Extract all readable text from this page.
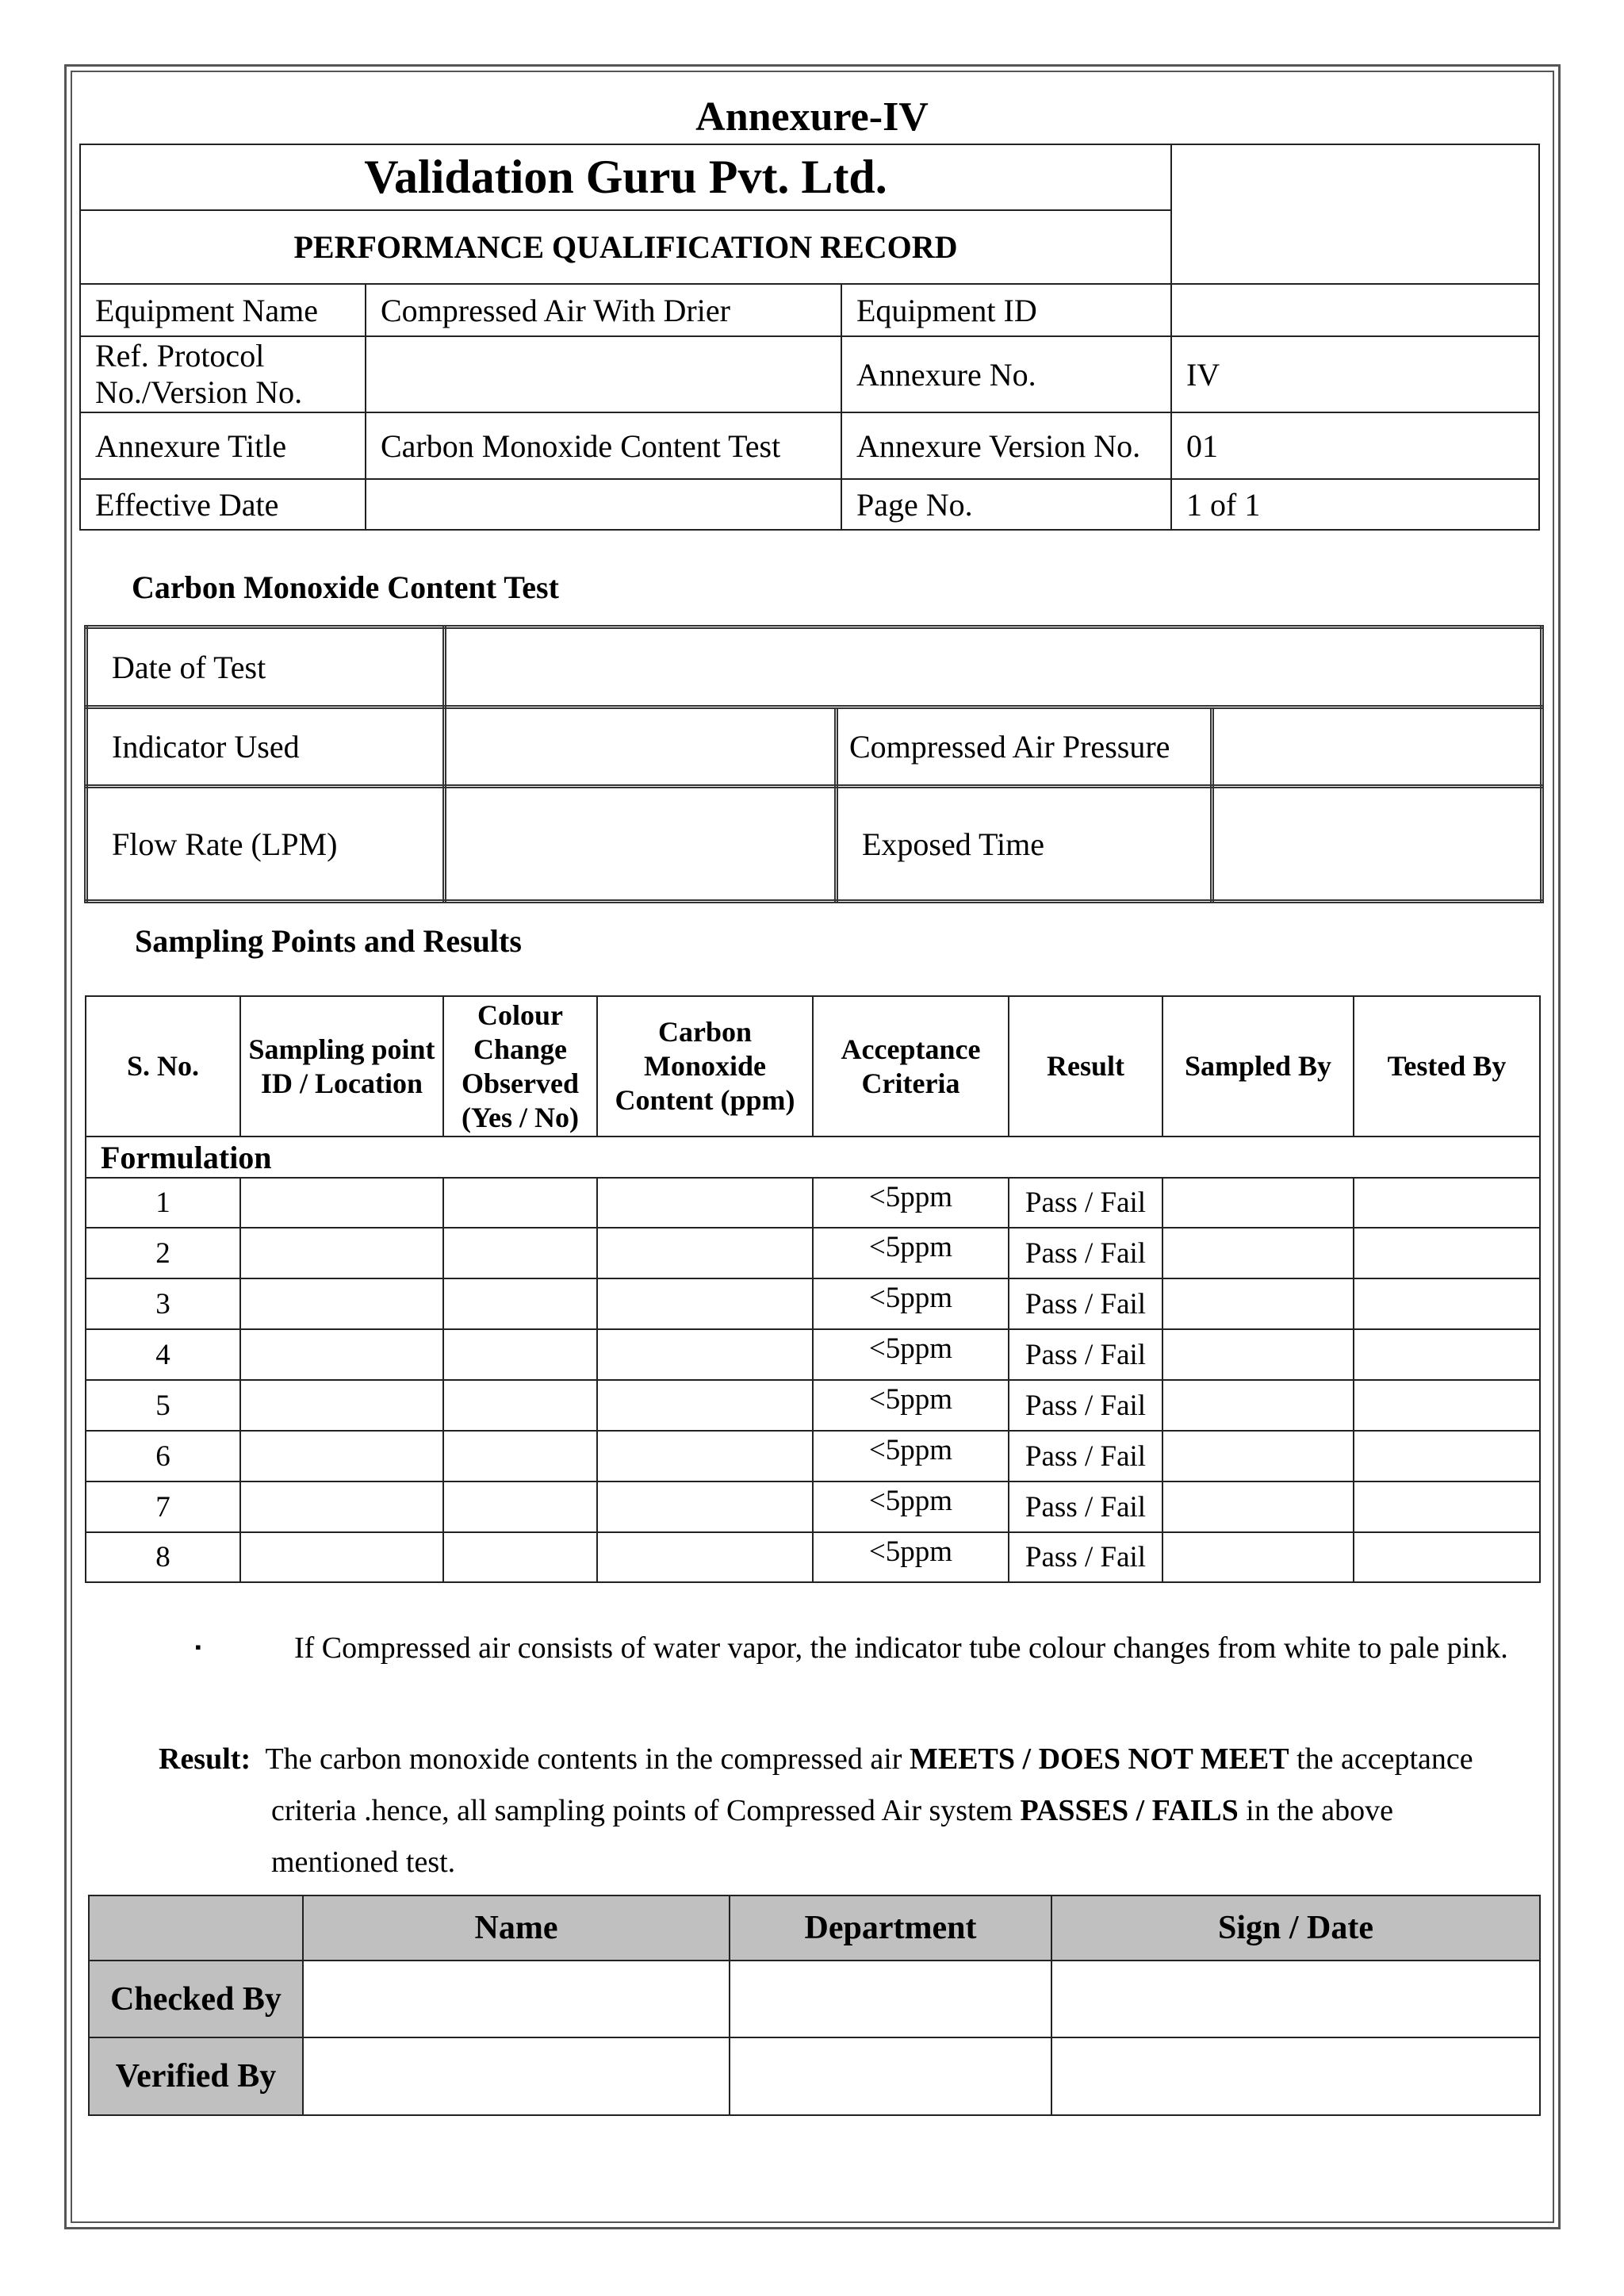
Annexure-IV
Validation Guru Pvt. Ltd.			
PERFORMANCE QUALIFICATION RECORD			
Equipment Name	Compressed Air With Drier	Equipment ID	
Ref. Protocol No./Version No.		Annexure No.	IV
Annexure Title	Carbon Monoxide Content Test	Annexure Version No.	01
Effective Date		Page No.	1 of 1
Carbon Monoxide Content Test
Date of Test			
Indicator Used		Compressed Air Pressure	
Flow Rate (LPM)		Exposed Time	
Sampling Points and Results
S. No.	Sampling point ID / Location	Colour Change Observed (Yes / No)	Carbon Monoxide Content (ppm)	Acceptance Criteria	Result	Sampled By	Tested By
Formulation							
1				<5ppm	Pass / Fail		
2				<5ppm	Pass / Fail		
3				<5ppm	Pass / Fail		
4				<5ppm	Pass / Fail		
5				<5ppm	Pass / Fail		
6				<5ppm	Pass / Fail		
7				<5ppm	Pass / Fail		
8				<5ppm	Pass / Fail		
▪	If Compressed air consists of water vapor, the indicator tube colour changes from white to pale pink.
Result: The carbon monoxide contents in the compressed air MEETS / DOES NOT MEET the acceptance
criteria .hence, all sampling points of Compressed Air system PASSES / FAILS in the above
mentioned test.
	Name	Department	Sign / Date
Checked By			
Verified By			
